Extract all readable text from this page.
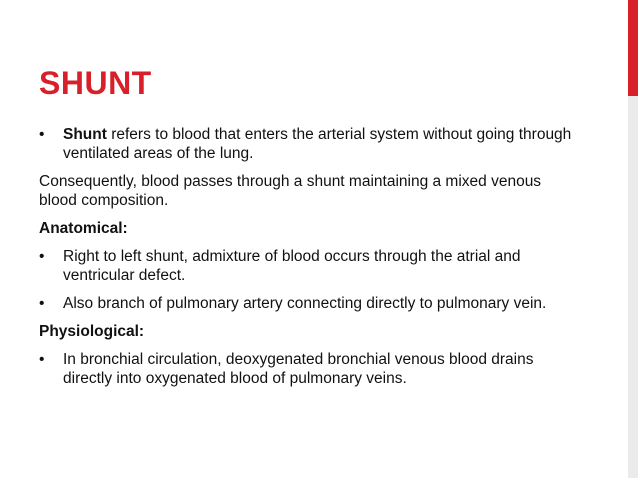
SHUNT
• Shunt refers to blood that enters the arterial system without going through ventilated areas of the lung.
Consequently, blood passes through a shunt maintaining a mixed venous blood composition.
Anatomical:
• Right to left shunt, admixture of blood occurs through the atrial and ventricular defect.
• Also branch of pulmonary artery connecting directly to pulmonary vein.
Physiological:
• In bronchial circulation, deoxygenated bronchial venous blood drains directly into oxygenated blood of pulmonary veins.
